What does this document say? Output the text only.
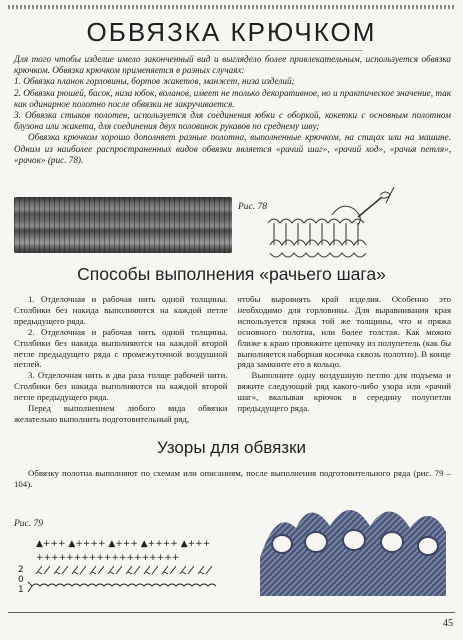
ОБВЯЗКА КРЮЧКОМ

Для того чтобы изделие имело законченный вид и выглядело более привлекательным, используется обвязка крючком. Обвязка крючком применяется в разных случаях:

1. Обвязка планок горловины, бортов жакетов, манжет, низа изделий;

2. Обвязка рюшей, басок, низа юбок, воланов, имеет не только декоративное, но и практическое значение, так как одинарное полотно после обвязки не закручивается.

3. Обвязка стыков полотен, используется для соединения юбки с оборкой, кокетки с основным полотном блузона или жакета, для соединения двух половинок рукавов по среднему шву;

Обвязка крючком хорошо дополняет разные полотна, выполненные крючком, на спицах или на машине. Одним из наиболее распространенных видов обвязки является «рачий шаг», «рачий ход», «рачья петля», «рачок» (рис. 78).

Рис. 78
Способы выполнения «рачьего шага»

1. Отделочная и рабочая нить одной толщины. Столбики без накида выполняются на каждой петле предыдущего ряда.

2. Отделочная и рабочая нить одной толщины. Столбики без накида выполняются на каждой второй петле предыдущего ряда с промежуточной воздушной петлей.

3. Отделочная нить в два раза толще рабочей нити. Столбики без накида выполняются на каждой второй петле предыдущего ряда.

Перед выполнением любого вида обвязки желательно выполнить подготовительный ряд,

чтобы выровнять край изделия. Особенно это необходимо для горловины. Для выравнивания края используется пряжа той же толщины, что и пряжа основного полотна, или более толстая. Как можно ближе к краю провяжите цепочку из полупетель (как бы выполняется наборная косичка сквозь полотно). В конце ряда замкните его в кольцо.

Выполните одну воздушную петлю для подъема и вяжите следующий ряд какого-либо узора или «рачий шаг», вкалывая крючок в середину полупетли предыдущего ряда.

Узоры для обвязки
Обвязку полотна выполняют по схемам или описаниям, после выполнения подготовительного ряда (рис. 79 – 104).
Рис. 79
▲+++ ▲++++ ▲+++ ▲++++ ▲+++
+++++++++++++++++++
2
0
1
45
